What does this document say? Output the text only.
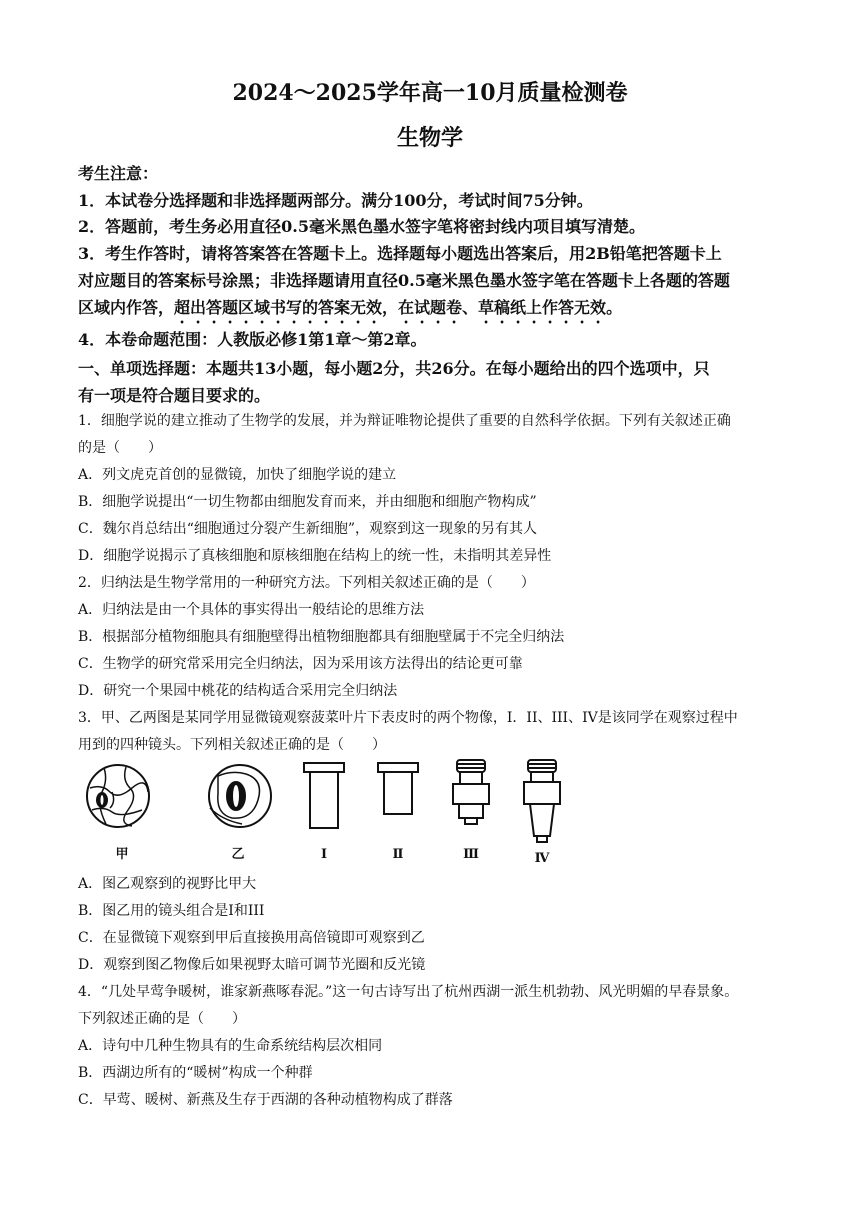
2024～2025学年高一10月质量检测卷
生物学
考生注意：
1．本试卷分选择题和非选择题两部分。满分100分，考试时间75分钟。
2．答题前，考生务必用直径0.5毫米黑色墨水签字笔将密封线内项目填写清楚。
3．考生作答时，请将答案答在答题卡上。选择题每小题选出答案后，用2B铅笔把答题卡上
对应题目的答案标号涂黑；非选择题请用直径0.5毫米黑色墨水签字笔在答题卡上各题的答题
区域内作答，超出答题区域书写的答案无效，在试题卷、草稿纸上作答无效。
4．本卷命题范围：人教版必修1第1章～第2章。
一、单项选择题：本题共13小题，每小题2分，共26分。在每小题给出的四个选项中，只
有一项是符合题目要求的。
1．细胞学说的建立推动了生物学的发展，并为辩证唯物论提供了重要的自然科学依据。下列有关叙述正确
的是（　　）
A．列文虎克首创的显微镜，加快了细胞学说的建立
B．细胞学说提出“一切生物都由细胞发育而来，并由细胞和细胞产物构成”
C．魏尔肖总结出“细胞通过分裂产生新细胞”，观察到这一现象的另有其人
D．细胞学说揭示了真核细胞和原核细胞在结构上的统一性，未指明其差异性
2．归纳法是生物学常用的一种研究方法。下列相关叙述正确的是（　　）
A．归纳法是由一个具体的事实得出一般结论的思维方法
B．根据部分植物细胞具有细胞壁得出植物细胞都具有细胞壁属于不完全归纳法
C．生物学的研究常采用完全归纳法，因为采用该方法得出的结论更可靠
D．研究一个果园中桃花的结构适合采用完全归纳法
3．甲、乙两图是某同学用显微镜观察菠菜叶片下表皮时的两个物像，I．II、III、IV是该同学在观察过程中
用到的四种镜头。下列相关叙述正确的是（　　）
甲	乙	Ⅰ	Ⅱ	Ⅲ	Ⅳ
A．图乙观察到的视野比甲大
B．图乙用的镜头组合是I和III
C．在显微镜下观察到甲后直接换用高倍镜即可观察到乙
D．观察到图乙物像后如果视野太暗可调节光圈和反光镜
4．“几处早莺争暖树，谁家新燕啄春泥。”这一句古诗写出了杭州西湖一派生机勃勃、风光明媚的早春景象。
下列叙述正确的是（　　）
A．诗句中几种生物具有的生命系统结构层次相同
B．西湖边所有的“暖树”构成一个种群
C．早莺、暖树、新燕及生存于西湖的各种动植物构成了群落
